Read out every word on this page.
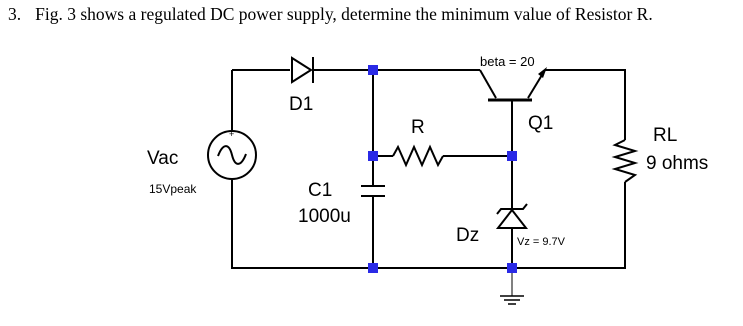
3. Fig. 3 shows a regulated DC power supply, determine the minimum value of Resistor R.
+
D1
Vac
15Vpeak	C1
1000u
R
beta = 20
Q1
Dz	Vz = 9.7V
RL
9 ohms
